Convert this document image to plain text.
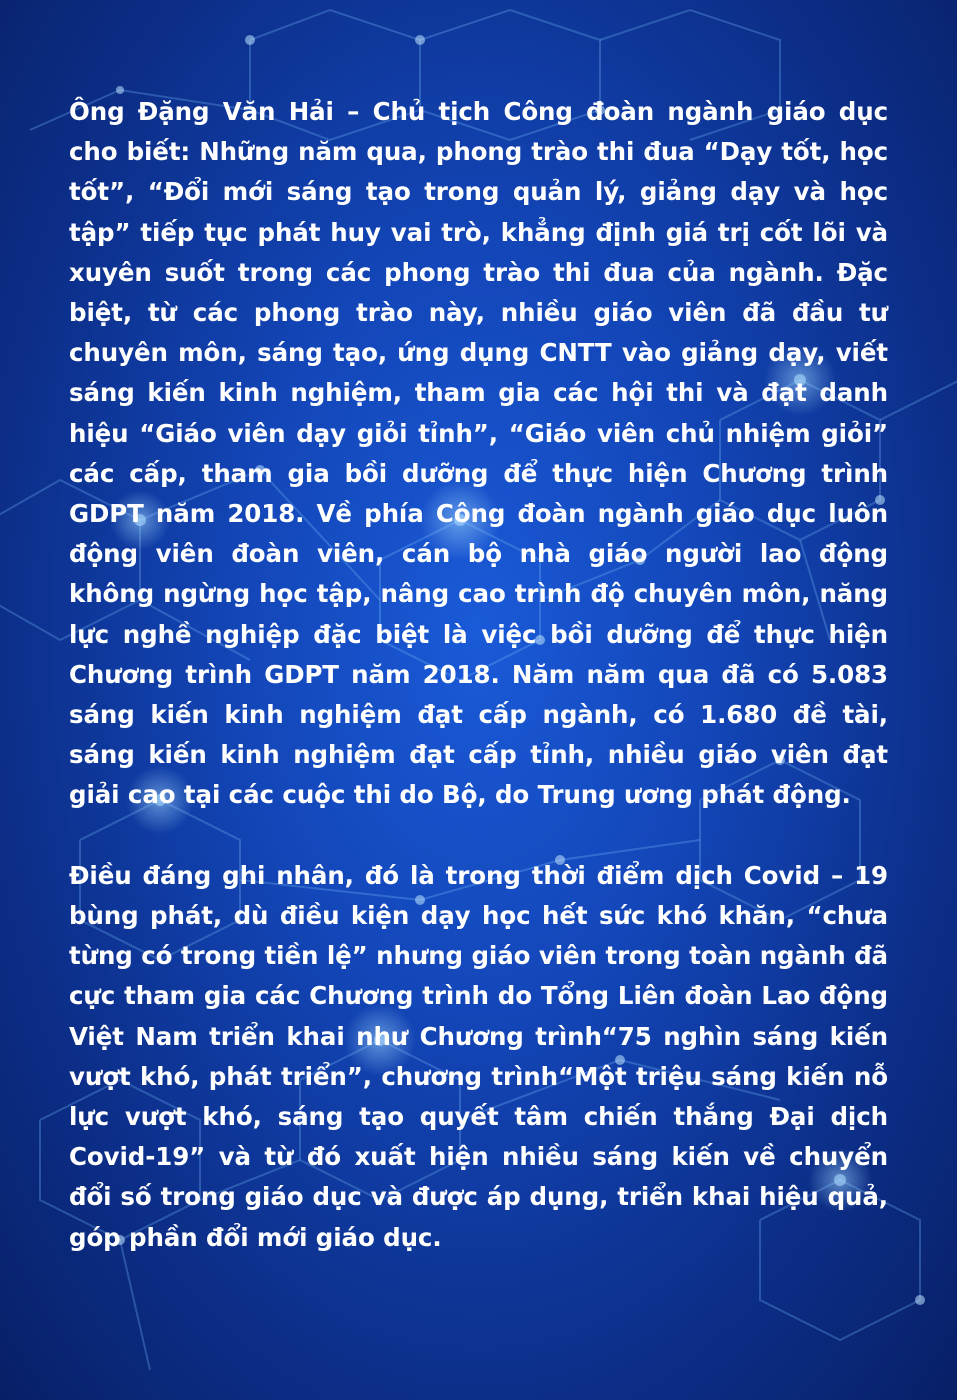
Ông Đặng Văn Hải – Chủ tịch Công đoàn ngành giáo dục cho biết: Những năm qua, phong trào thi đua “Dạy tốt, học tốt”, “Đổi mới sáng tạo trong quản lý, giảng dạy và học tập” tiếp tục phát huy vai trò, khẳng định giá trị cốt lõi và xuyên suốt trong các phong trào thi đua của ngành. Đặc biệt, từ các phong trào này, nhiều giáo viên đã đầu tư chuyên môn, sáng tạo, ứng dụng CNTT vào giảng dạy, viết sáng kiến kinh nghiệm, tham gia các hội thi và đạt danh hiệu “Giáo viên dạy giỏi tỉnh”, “Giáo viên chủ nhiệm giỏi” các cấp, tham gia bồi dưỡng để thực hiện Chương trình GDPT năm 2018. Về phía Công đoàn ngành giáo dục luôn động viên đoàn viên, cán bộ nhà giáo người lao động không ngừng học tập, nâng cao trình độ chuyên môn, năng lực nghề nghiệp đặc biệt là việc bồi dưỡng để thực hiện Chương trình GDPT năm 2018. Năm năm qua đã có 5.083 sáng kiến kinh nghiệm đạt cấp ngành, có 1.680 đề tài, sáng kiến kinh nghiệm đạt cấp tỉnh, nhiều giáo viên đạt giải cao tại các cuộc thi do Bộ, do Trung ương phát động.

Điều đáng ghi nhân, đó là trong thời điểm dịch Covid – 19 bùng phát, dù điều kiện dạy học hết sức khó khăn, “chưa từng có trong tiền lệ” nhưng giáo viên trong toàn ngành đã cực tham gia các Chương trình do Tổng Liên đoàn Lao động Việt Nam triển khai như Chương trình“75 nghìn sáng kiến vượt khó, phát triển”, chương trình“Một triệu sáng kiến nỗ lực vượt khó, sáng tạo quyết tâm chiến thắng Đại dịch Covid-19” và từ đó xuất hiện nhiều sáng kiến về chuyển đổi số trong giáo dục và được áp dụng, triển khai hiệu quả, góp phần đổi mới giáo dục.
